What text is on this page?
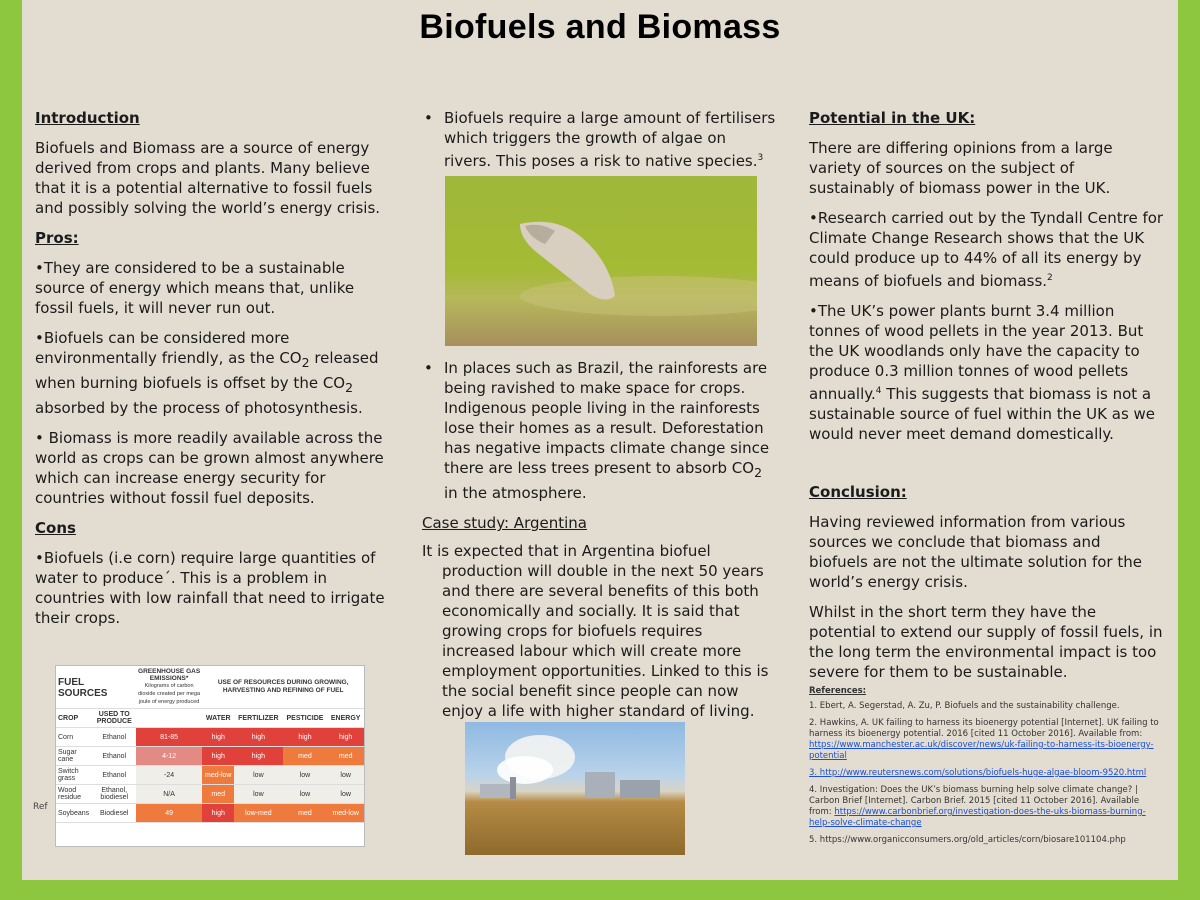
Biofuels and Biomass

Introduction

Biofuels and Biomass are a source of energy derived from crops and plants. Many believe that it is a potential alternative to fossil fuels and possibly solving the world’s energy crisis.

Pros:

•They are considered to be a sustainable source of energy which means that, unlike fossil fuels, it will never run out.

•Biofuels can be considered more environmentally friendly, as the $CO_2$ released when burning biofuels is offset by the $CO_2$ absorbed by the process of photosynthesis.

• Biomass is more readily available across the world as crops can be grown almost anywhere which can increase energy security for countries without fossil fuel deposits.

Cons

•Biofuels (i.e corn) require large quantities of water to produce´. This is a problem in countries with low rainfall that need to irrigate their crops.

Ref
FUEL SOURCES		GREENHOUSE GAS EMISSIONS*
Kilograms of carbon dioxide created per mega joule of energy produced	USE OF RESOURCES DURING GROWING, HARVESTING AND REFINING OF FUEL			
CROP	USED TO PRODUCE		WATER	FERTILIZER	PESTICIDE	ENERGY
Corn	Ethanol	81-85	high	high	high	high
Sugar cane	Ethanol	4-12	high	high	med	med
Switch grass	Ethanol	-24	med-low	low	low	low
Wood residue	Ethanol, biodiesel	N/A	med	low	low	low
Soybeans	Biodiesel	49	high	low-med	med	med-low

• Biofuels require a large amount of fertilisers which triggers the growth of algae on rivers. This poses a risk to native species.$^3$

• In places such as Brazil, the rainforests are being ravished to make space for crops. Indigenous people living in the rainforests lose their homes as a result. Deforestation has negative impacts climate change since there are less trees present to absorb $CO_2$ in the atmosphere.

Case study: Argentina

It is expected that in Argentina biofuel production will double in the next 50 years and there are several benefits of this both economically and socially. It is said that growing crops for biofuels requires increased labour which will create more employment opportunities. Linked to this is the social benefit since people can now enjoy a life with higher standard of living.

Potential in the UK:

There are differing opinions from a large variety of sources on the subject of sustainably of biomass power in the UK.

•Research carried out by the Tyndall Centre for Climate Change Research shows that the UK could produce up to 44% of all its energy by means of biofuels and biomass.$^2$

•The UK’s power plants burnt 3.4 million tonnes of wood pellets in the year 2013. But the UK woodlands only have the capacity to produce 0.3 million tonnes of wood pellets annually.$^4$ This suggests that biomass is not a sustainable source of fuel within the UK as we would never meet demand domestically.

Conclusion:

Having reviewed information from various sources we conclude that biomass and biofuels are not the ultimate solution for the world’s energy crisis.

Whilst in the short term they have the potential to extend our supply of fossil fuels, in the long term the environmental impact is too severe for them to be sustainable.

References:

1. Ebert, A. Segerstad, A. Zu, P. Biofuels and the sustainability challenge.

2. Hawkins, A. UK failing to harness its bioenergy potential [Internet]. UK failing to harness its bioenergy potential. 2016 [cited 11 October 2016]. Available from: https://www.manchester.ac.uk/discover/news/uk-failing-to-harness-its-bioenergy-potential

3. http://www.reutersnews.com/solutions/biofuels-huge-algae-bloom-9520.html

4. Investigation: Does the UK’s biomass burning help solve climate change? | Carbon Brief [Internet]. Carbon Brief. 2015 [cited 11 October 2016]. Available from: https://www.carbonbrief.org/investigation-does-the-uks-biomass-burning-help-solve-climate-change

5. https://www.organicconsumers.org/old_articles/corn/biosare101104.php
